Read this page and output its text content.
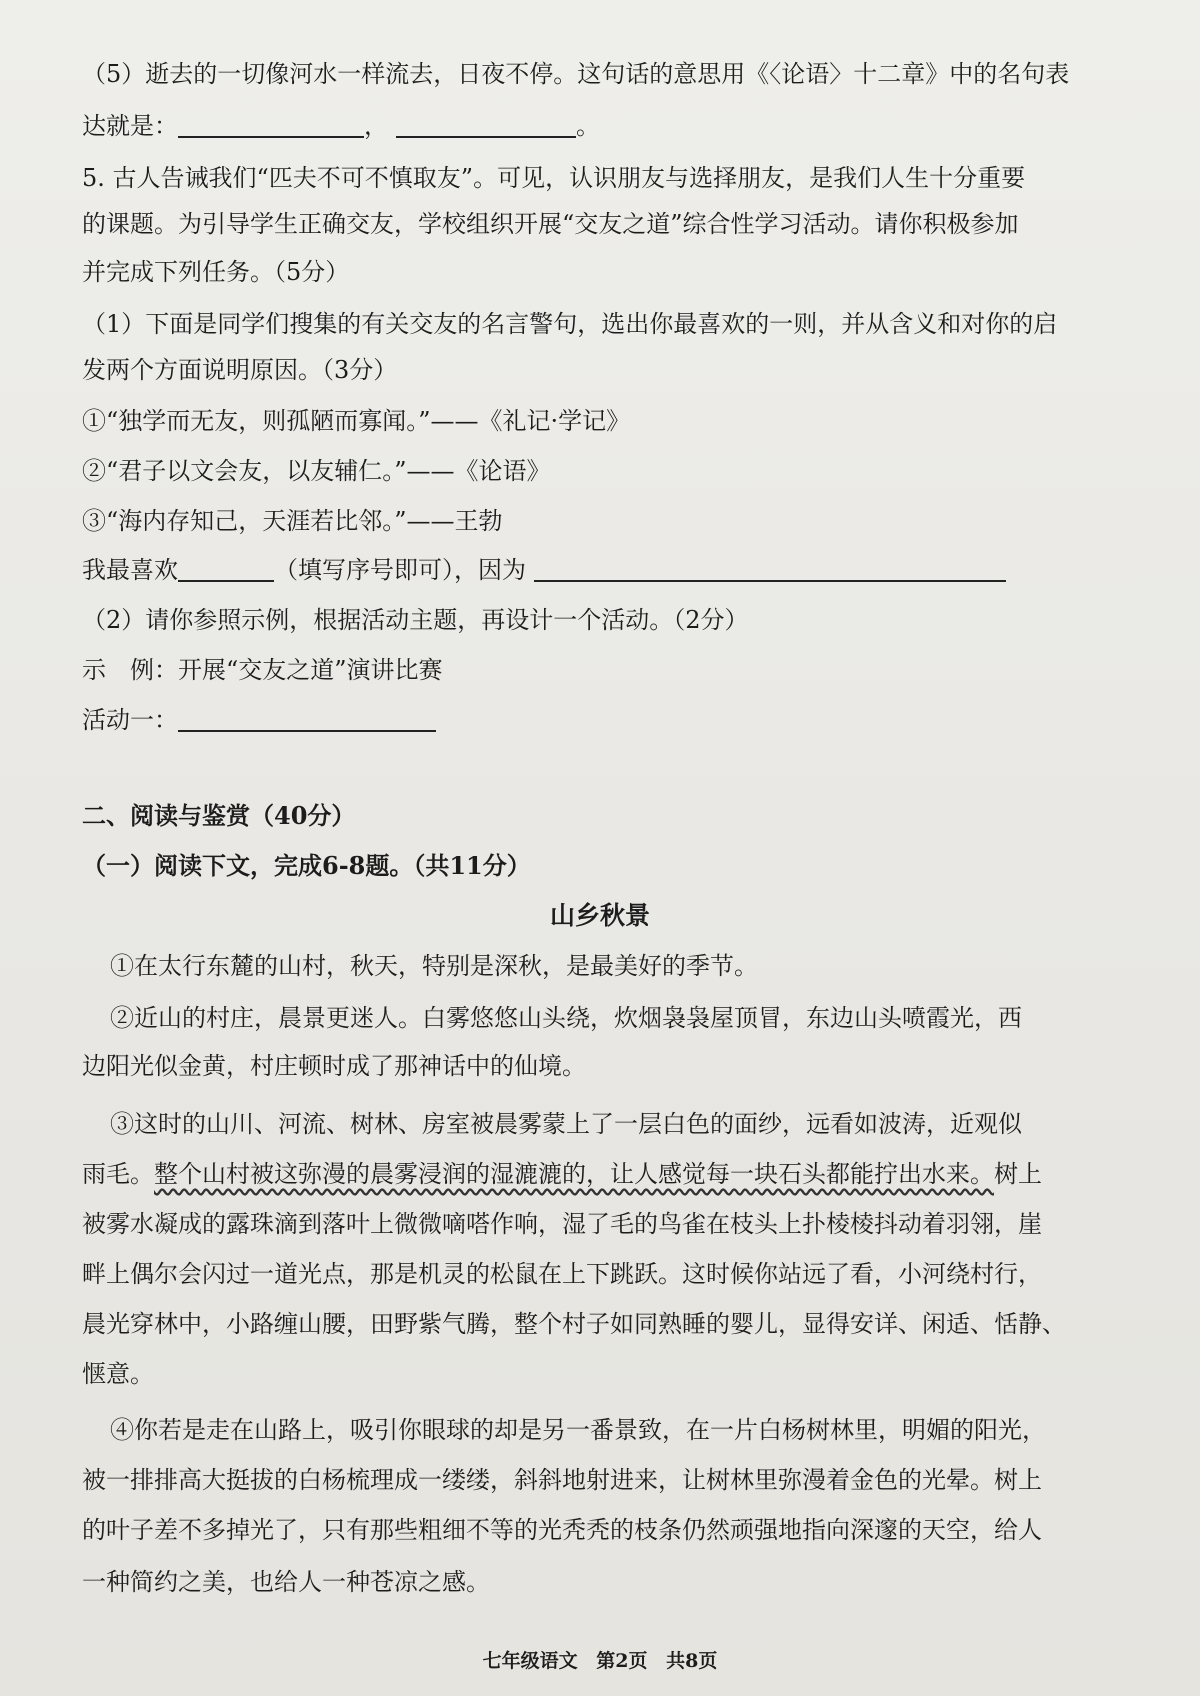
（5）逝去的一切像河水一样流去，日夜不停。这句话的意思用《〈论语〉十二章》中的名句表
达就是：	，	。
5. 古人告诫我们“匹夫不可不慎取友”。可见，认识朋友与选择朋友，是我们人生十分重要
的课题。为引导学生正确交友，学校组织开展“交友之道”综合性学习活动。请你积极参加
并完成下列任务。（5分）
（1）下面是同学们搜集的有关交友的名言警句，选出你最喜欢的一则，并从含义和对你的启
发两个方面说明原因。（3分）
①“独学而无友，则孤陋而寡闻。”——《礼记·学记》
②“君子以文会友，以友辅仁。”——《论语》
③“海内存知己，天涯若比邻。”——王勃
我最喜欢	（填写序号即可），因为
（2）请你参照示例，根据活动主题，再设计一个活动。（2分）
示　例：开展“交友之道”演讲比赛
活动一：
二、阅读与鉴赏（40分）
（一）阅读下文，完成6-8题。（共11分）
山乡秋景
①在太行东麓的山村，秋天，特别是深秋，是最美好的季节。
②近山的村庄，晨景更迷人。白雾悠悠山头绕，炊烟袅袅屋顶冒，东边山头喷霞光，西
边阳光似金黄，村庄顿时成了那神话中的仙境。
③这时的山川、河流、树林、房室被晨雾蒙上了一层白色的面纱，远看如波涛，近观似
雨毛。整个山村被这弥漫的晨雾浸润的湿漉漉的，让人感觉每一块石头都能拧出水来。树上
被雾水凝成的露珠滴到落叶上微微嘀嗒作响，湿了毛的鸟雀在枝头上扑棱棱抖动着羽翎，崖
畔上偶尔会闪过一道光点，那是机灵的松鼠在上下跳跃。这时候你站远了看，小河绕村行，
晨光穿林中，小路缠山腰，田野紫气腾，整个村子如同熟睡的婴儿，显得安详、闲适、恬静、
惬意。
④你若是走在山路上，吸引你眼球的却是另一番景致，在一片白杨树林里，明媚的阳光，
被一排排高大挺拔的白杨梳理成一缕缕，斜斜地射进来，让树林里弥漫着金色的光晕。树上
的叶子差不多掉光了，只有那些粗细不等的光秃秃的枝条仍然顽强地指向深邃的天空，给人
一种简约之美，也给人一种苍凉之感。
七年级语文 第2页 共8页
